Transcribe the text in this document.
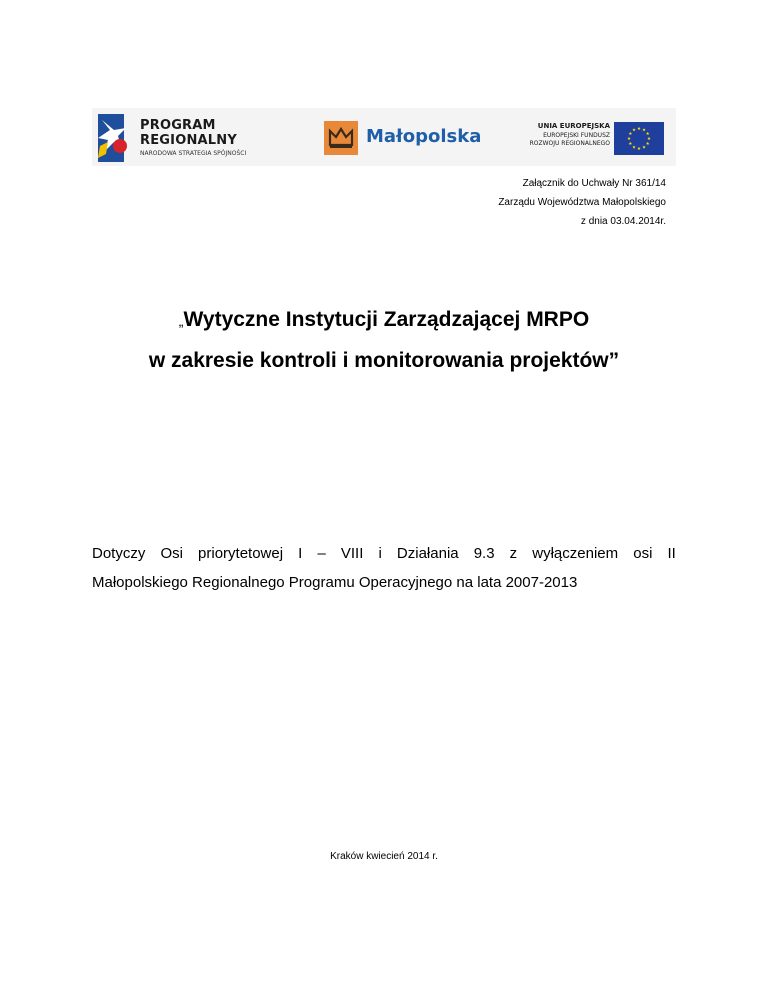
PROGRAM
REGIONALNY
NARODOWA STRATEGIA SPÓJNOŚCI
Małopolska	UNIA EUROPEJSKA
EUROPEJSKI FUNDUSZ
ROZWOJU REGIONALNEGO
Załącznik do Uchwały Nr 361/14
Zarządu Województwa Małopolskiego
z dnia 03.04.2014r.
„Wytyczne Instytucji Zarządzającej MRPO
w zakresie kontroli i monitorowania projektów”
Dotyczy Osi priorytetowej I – VIII i Działania 9.3 z wyłączeniem osi II
Małopolskiego Regionalnego Programu Operacyjnego na lata 2007-2013
Kraków kwiecień 2014 r.
